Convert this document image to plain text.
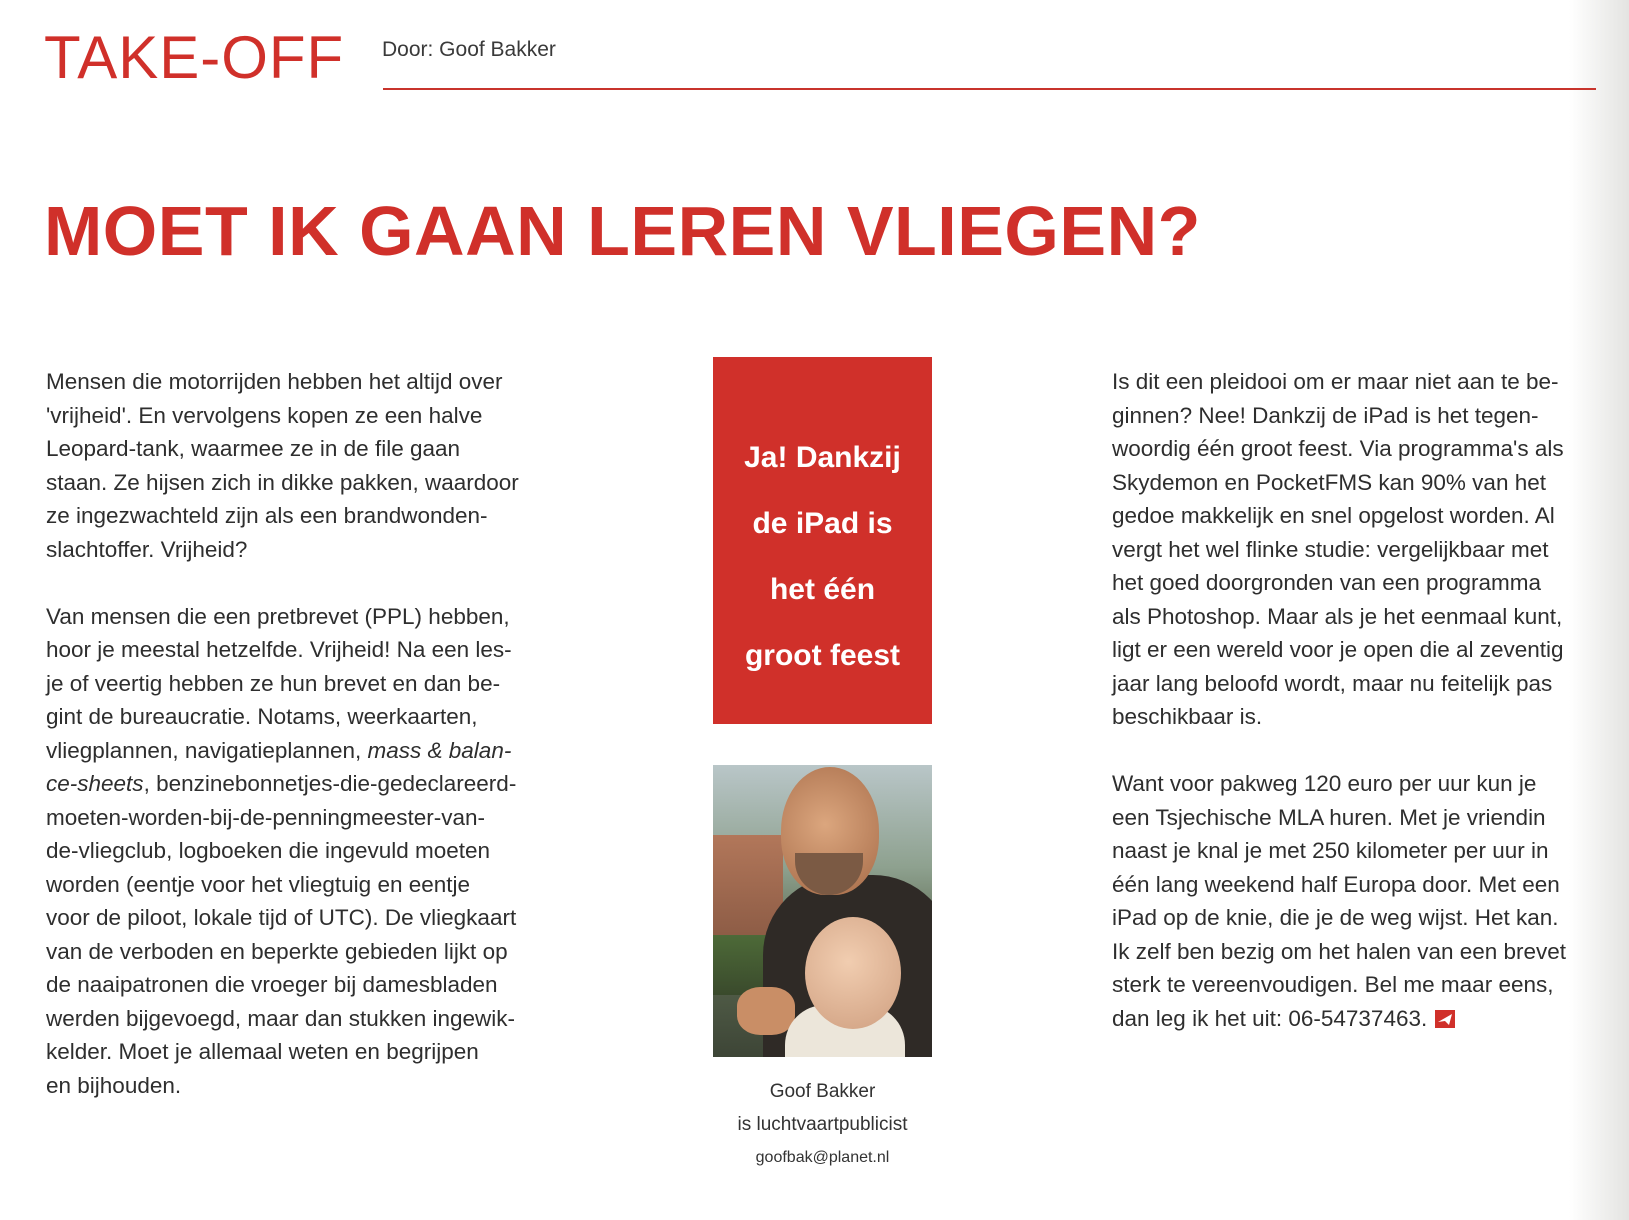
TAKE-OFF Door: Goof Bakker
MOET IK GAAN LEREN VLIEGEN?
Mensen die motorrijden hebben het altijd over
'vrijheid'. En vervolgens kopen ze een halve
Leopard-tank, waarmee ze in de file gaan
staan. Ze hijsen zich in dikke pakken, waardoor
ze ingezwachteld zijn als een brandwonden-
slachtoffer. Vrijheid?
Van mensen die een pretbrevet (PPL) hebben,
hoor je meestal hetzelfde. Vrijheid! Na een les-
je of veertig hebben ze hun brevet en dan be-
gint de bureaucratie. Notams, weerkaarten,
vliegplannen, navigatieplannen, mass & balan-
ce-sheets, benzinebonnetjes-die-gedeclareerd-
moeten-worden-bij-de-penningmeester-van-
de-vliegclub, logboeken die ingevuld moeten
worden (eentje voor het vliegtuig en eentje
voor de piloot, lokale tijd of UTC). De vliegkaart
van de verboden en beperkte gebieden lijkt op
de naaipatronen die vroeger bij damesbladen
werden bijgevoegd, maar dan stukken ingewik-
kelder. Moet je allemaal weten en begrijpen
en bijhouden.
Ja! Dankzij
de iPad is
het één
groot feest
Goof Bakker
is luchtvaartpublicist
goofbak@planet.nl
Is dit een pleidooi om er maar niet aan te be-
ginnen? Nee! Dankzij de iPad is het tegen-
woordig één groot feest. Via programma's als
Skydemon en PocketFMS kan 90% van het
gedoe makkelijk en snel opgelost worden. Al
vergt het wel flinke studie: vergelijkbaar met
het goed doorgronden van een programma
als Photoshop. Maar als je het eenmaal kunt,
ligt er een wereld voor je open die al zeventig
jaar lang beloofd wordt, maar nu feitelijk pas
beschikbaar is.
Want voor pakweg 120 euro per uur kun je
een Tsjechische MLA huren. Met je vriendin
naast je knal je met 250 kilometer per uur in
één lang weekend half Europa door. Met een
iPad op de knie, die je de weg wijst. Het kan.
Ik zelf ben bezig om het halen van een brevet
sterk te vereenvoudigen. Bel me maar eens,
dan leg ik het uit: 06-54737463.
